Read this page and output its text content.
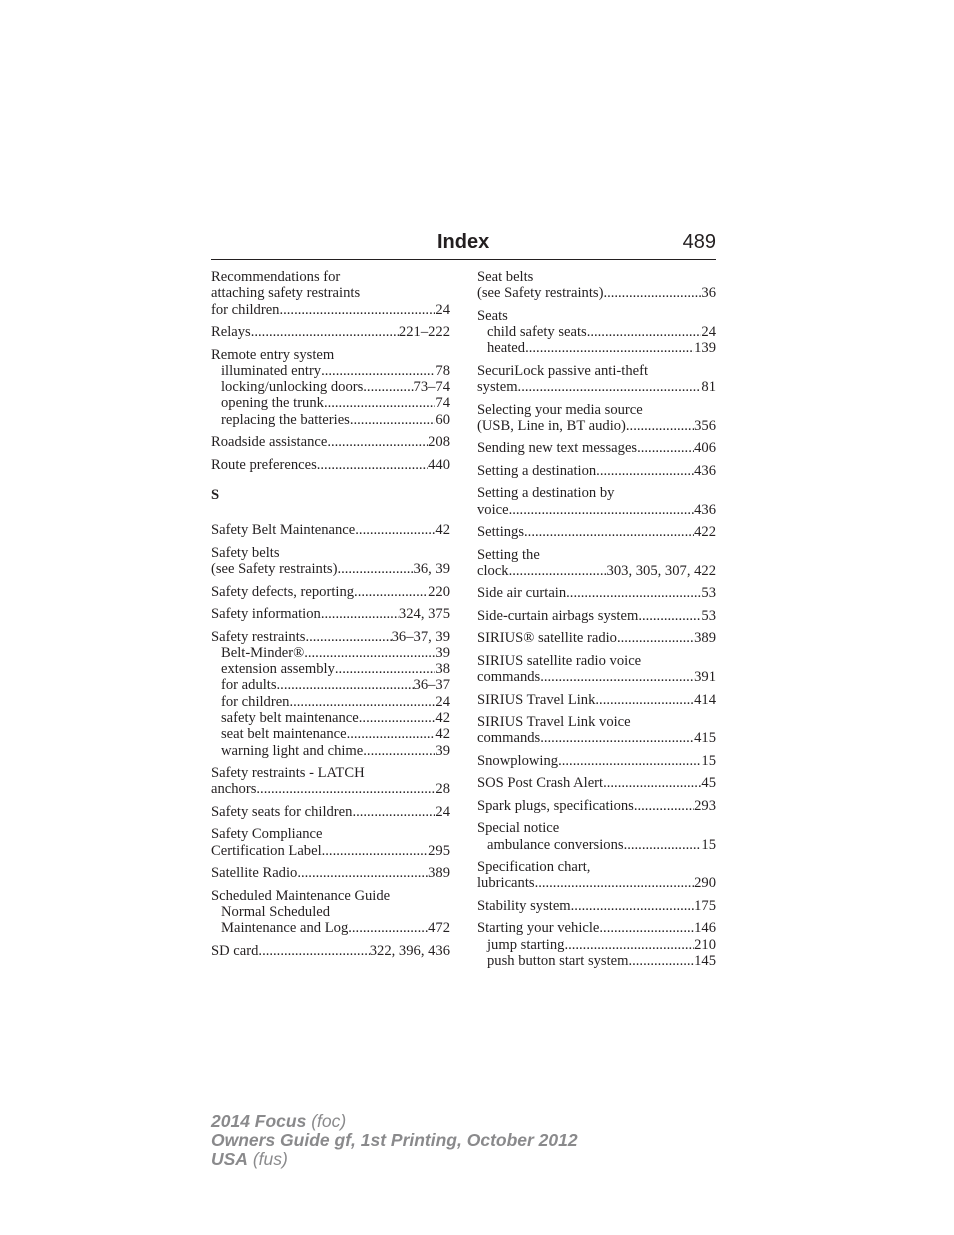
Index	489
Recommendations for
attaching safety restraints
for children .....	24
Relays .....	221–222
Remote entry system
illuminated entry .....	78
locking/unlocking doors .....	73–74
opening the trunk .....	74
replacing the batteries .....	60
Roadside assistance .....	208
Route preferences .....	440
S
Safety Belt Maintenance .....	42
Safety belts
(see Safety restraints) .....	36, 39
Safety defects, reporting .....	220
Safety information .....	324, 375
Safety restraints .....	36–37, 39
Belt-Minder® .....	39
extension assembly .....	38
for adults .....	36–37
for children .....	24
safety belt maintenance .....	42
seat belt maintenance .....	42
warning light and chime .....	39
Safety restraints - LATCH
anchors .....	28
Safety seats for children .....	24
Safety Compliance
Certification Label .....	295
Satellite Radio .....	389
Scheduled Maintenance Guide
Normal Scheduled
Maintenance and Log .....	472
SD card .....	322, 396, 436
Seat belts
(see Safety restraints) .....	36
Seats
child safety seats .....	24
heated .....	139
SecuriLock passive anti-theft
system .....	81
Selecting your media source
(USB, Line in, BT audio) .....	356
Sending new text messages .....	406
Setting a destination .....	436
Setting a destination by
voice .....	436
Settings .....	422
Setting the
clock .....	303, 305, 307, 422
Side air curtain .....	53
Side-curtain airbags system .....	53
SIRIUS® satellite radio .....	389
SIRIUS satellite radio voice
commands .....	391
SIRIUS Travel Link .....	414
SIRIUS Travel Link voice
commands .....	415
Snowplowing .....	15
SOS Post Crash Alert .....	45
Spark plugs, specifications .....	293
Special notice
ambulance conversions .....	15
Specification chart,
lubricants .....	290
Stability system .....	175
Starting your vehicle .....	146
jump starting .....	210
push button start system .....	145
2014 Focus (foc)
Owners Guide gf, 1st Printing, October 2012
USA (fus)
